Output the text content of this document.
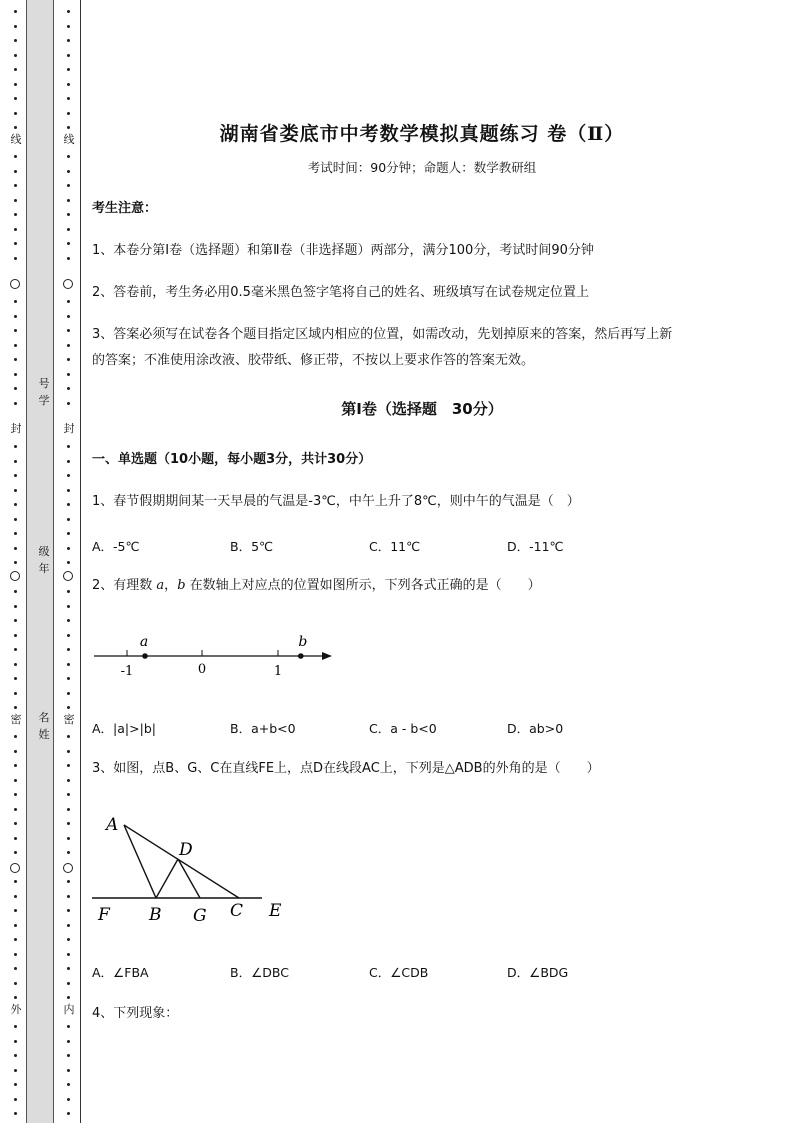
线
封
密
外
号学
级年
名姓
线
封
密
内
湖南省娄底市中考数学模拟真题练习 卷（Ⅱ）
考试时间：90分钟；命题人：数学教研组
考生注意：
1、本卷分第I卷（选择题）和第Ⅱ卷（非选择题）两部分，满分100分，考试时间90分钟
2、答卷前，考生务必用0.5毫米黑色签字笔将自己的姓名、班级填写在试卷规定位置上
3、答案必须写在试卷各个题目指定区域内相应的位置，如需改动，先划掉原来的答案，然后再写上新
的答案；不准使用涂改液、胶带纸、修正带，不按以上要求作答的答案无效。
第I卷（选择题　30分）
一、单选题（10小题，每小题3分，共计30分）
1、春节假期期间某一天早晨的气温是-3℃，中午上升了8℃，则中午的气温是（　）
A．-5℃	B．5℃	C．11℃	D．-11℃
2、有理数 a，b 在数轴上对应点的位置如图所示，下列各式正确的是（　　）
-1	0	1
a	b
A．|a|>|b|	B．a+b<0	C．a - b<0	D．ab>0
3、如图，点B、G、C在直线FE上，点D在线段AC上，下列是△ADB的外角的是（　　）
A
D
F B G C E
A．∠FBA	B．∠DBC	C．∠CDB	D．∠BDG
4、下列现象：
